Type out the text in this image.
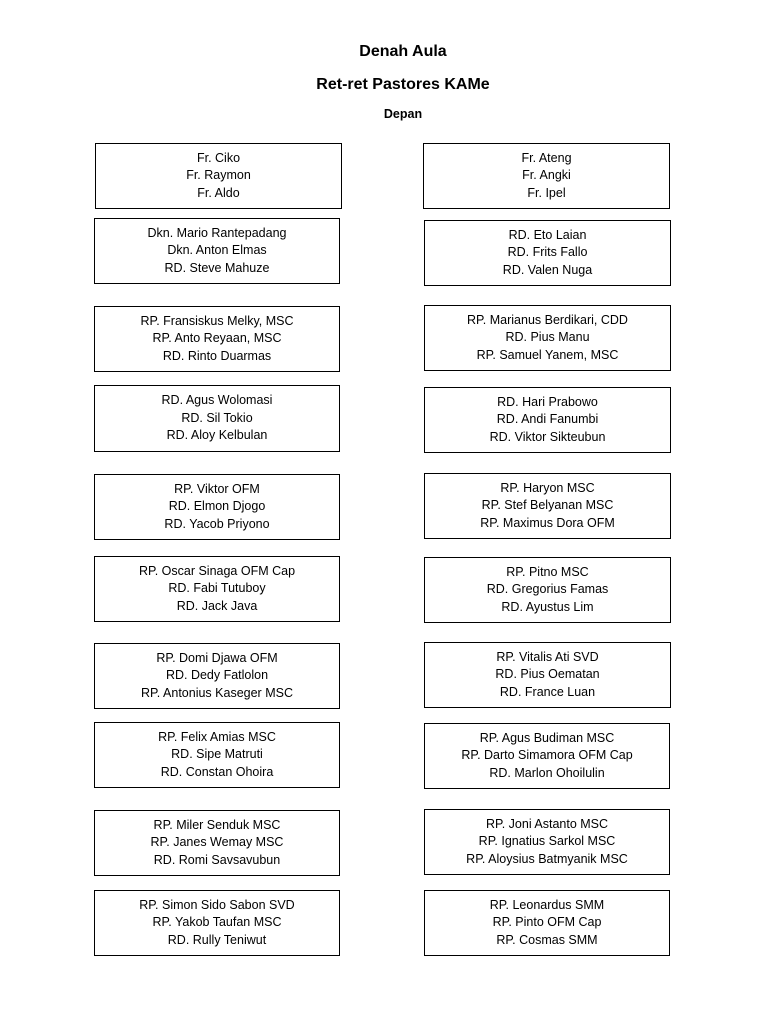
Denah Aula
Ret-ret Pastores KAMe
Depan
Fr. Ciko
Fr. Raymon
Fr. Aldo
Fr. Ateng
Fr. Angki
Fr. Ipel
Dkn. Mario Rantepadang
Dkn. Anton Elmas
RD. Steve Mahuze
RD. Eto Laian
RD. Frits Fallo
RD. Valen Nuga
RP. Fransiskus Melky, MSC
RP. Anto Reyaan, MSC
RD. Rinto Duarmas
RP. Marianus Berdikari, CDD
RD. Pius Manu
RP. Samuel Yanem, MSC
RD. Agus Wolomasi
RD. Sil Tokio
RD. Aloy Kelbulan
RD. Hari Prabowo
RD. Andi Fanumbi
RD. Viktor Sikteubun
RP. Viktor OFM
RD. Elmon Djogo
RD. Yacob Priyono
RP. Haryon MSC
RP. Stef Belyanan MSC
RP. Maximus Dora OFM
RP. Oscar Sinaga OFM Cap
RD. Fabi Tutuboy
RD. Jack Java
RP. Pitno MSC
RD. Gregorius Famas
RD. Ayustus Lim
RP. Domi Djawa OFM
RD. Dedy Fatlolon
RP. Antonius Kaseger MSC
RP. Vitalis Ati SVD
RD. Pius Oematan
RD. France Luan
RP. Felix Amias MSC
RD. Sipe Matruti
RD. Constan Ohoira
RP. Agus Budiman MSC
RP. Darto Simamora OFM Cap
RD. Marlon Ohoilulin
RP. Miler Senduk MSC
RP. Janes Wemay MSC
RD. Romi Savsavubun
RP. Joni Astanto MSC
RP. Ignatius Sarkol MSC
RP. Aloysius Batmyanik MSC
RP. Simon Sido Sabon SVD
RP. Yakob Taufan MSC
RD. Rully Teniwut
RP. Leonardus SMM
RP. Pinto OFM Cap
RP. Cosmas SMM
